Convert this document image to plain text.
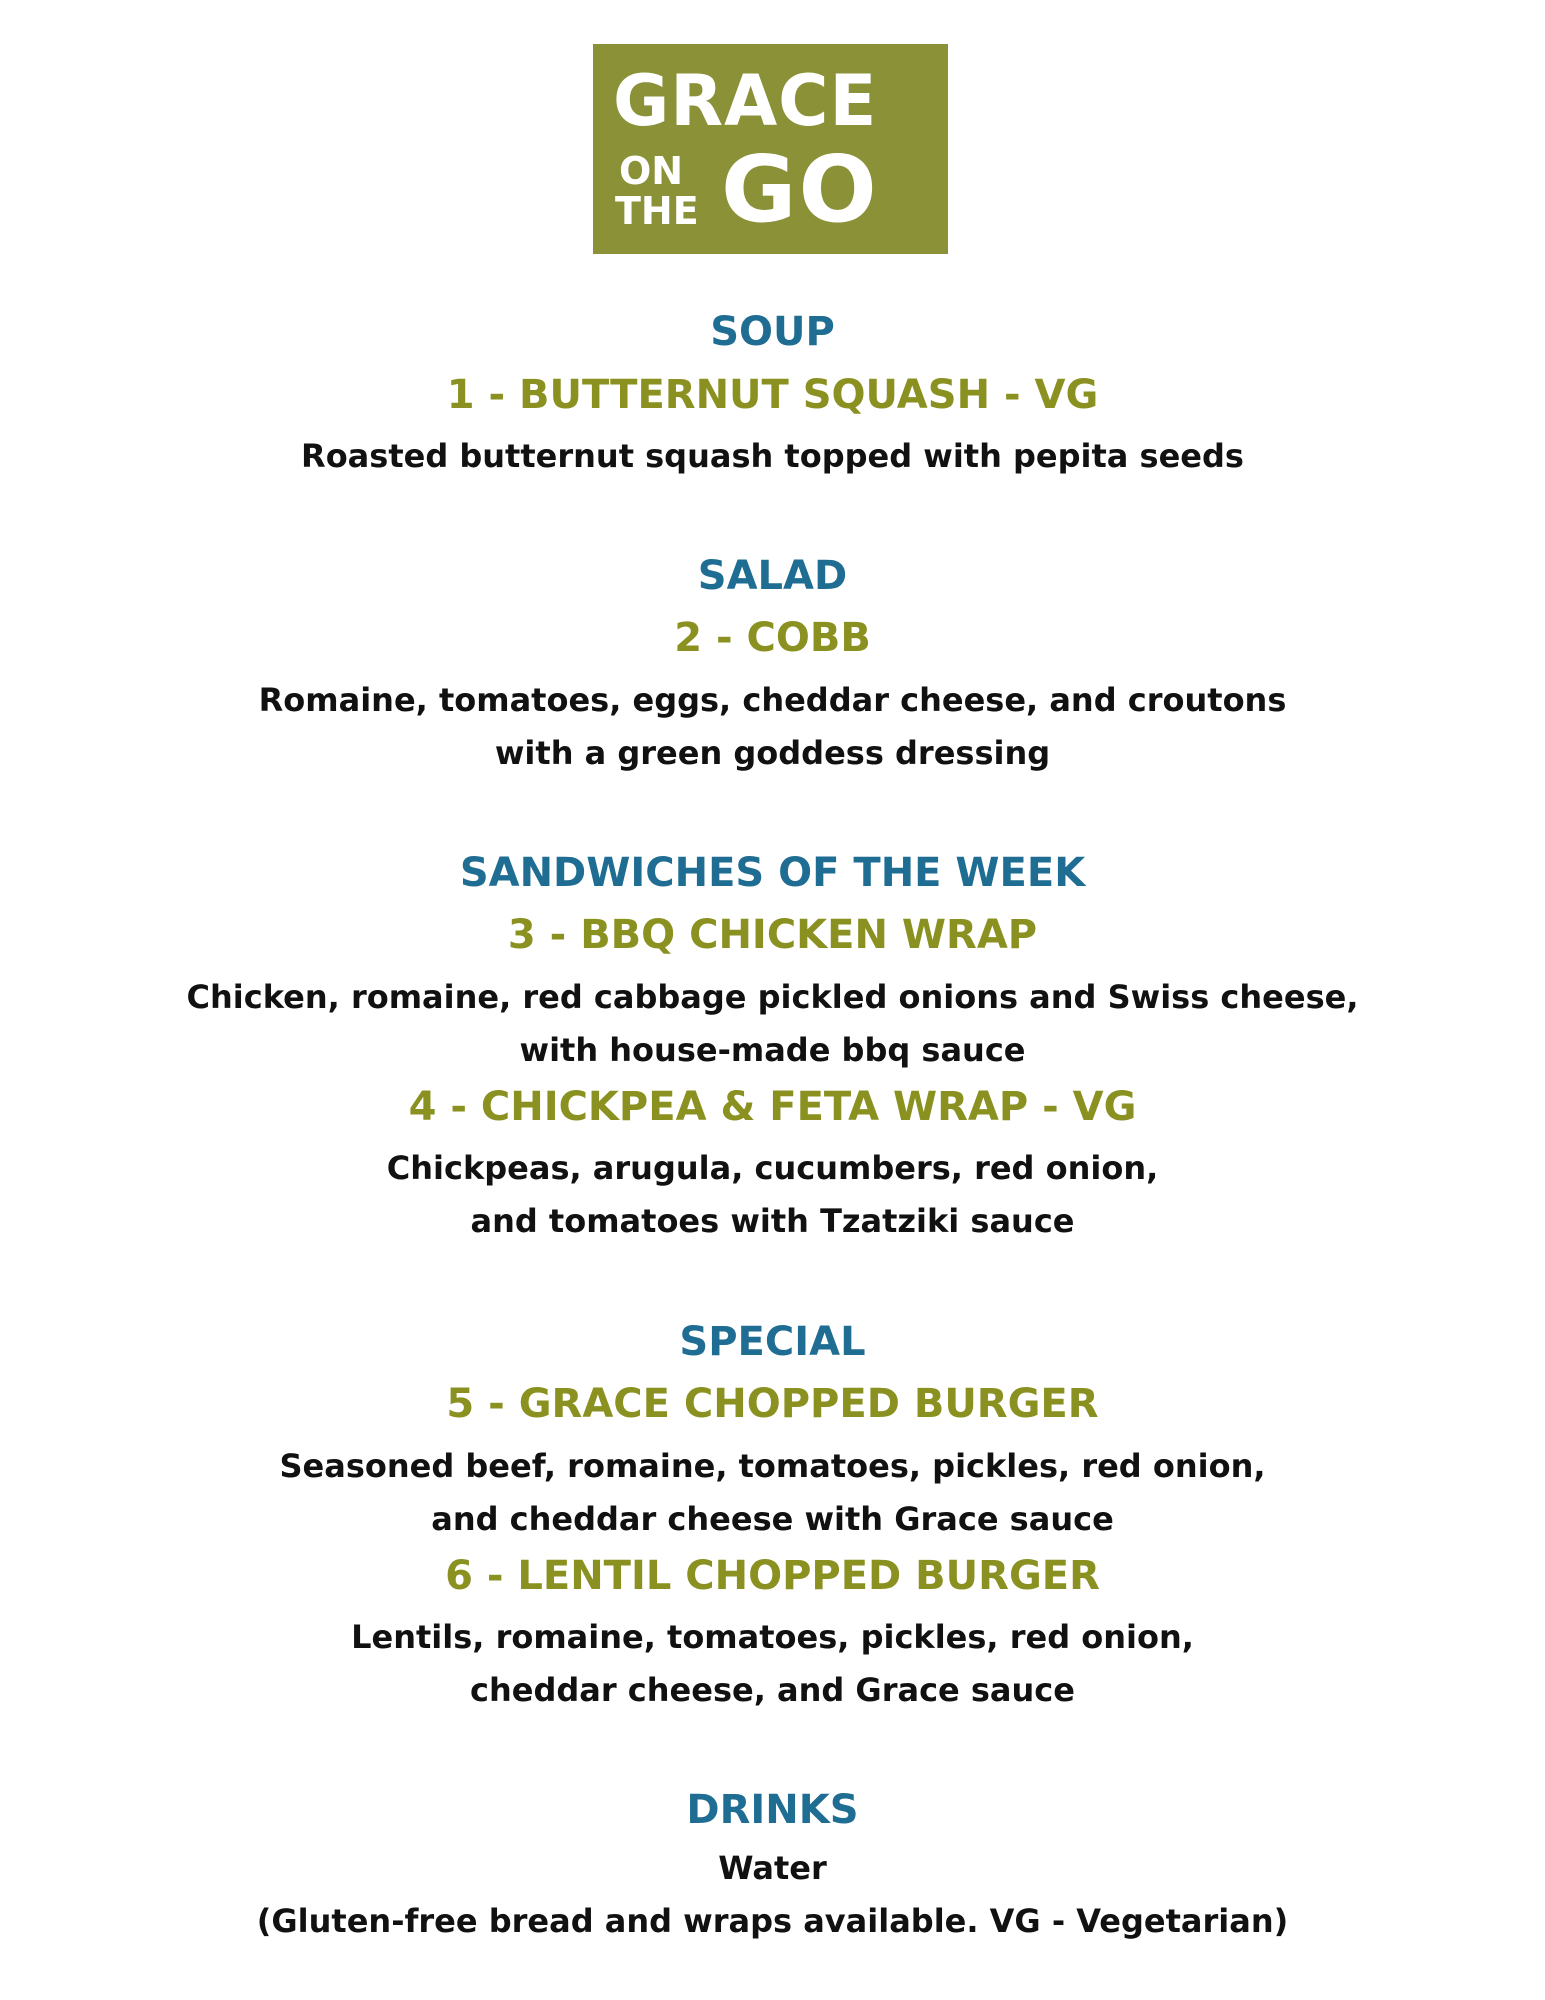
GRACE
ON
THE GO
SOUP
1 - BUTTERNUT SQUASH - VG
Roasted butternut squash topped with pepita seeds
SALAD
2 - COBB
Romaine, tomatoes, eggs, cheddar cheese, and croutons
with a green goddess dressing
SANDWICHES OF THE WEEK
3 - BBQ CHICKEN WRAP
Chicken, romaine, red cabbage pickled onions and Swiss cheese,
with house-made bbq sauce
4 - CHICKPEA & FETA WRAP - VG
Chickpeas, arugula, cucumbers, red onion,
and tomatoes with Tzatziki sauce
SPECIAL
5 - GRACE CHOPPED BURGER
Seasoned beef, romaine, tomatoes, pickles, red onion,
and cheddar cheese with Grace sauce
6 - LENTIL CHOPPED BURGER
Lentils, romaine, tomatoes, pickles, red onion,
cheddar cheese, and Grace sauce
DRINKS
Water
(Gluten-free bread and wraps available. VG - Vegetarian)
